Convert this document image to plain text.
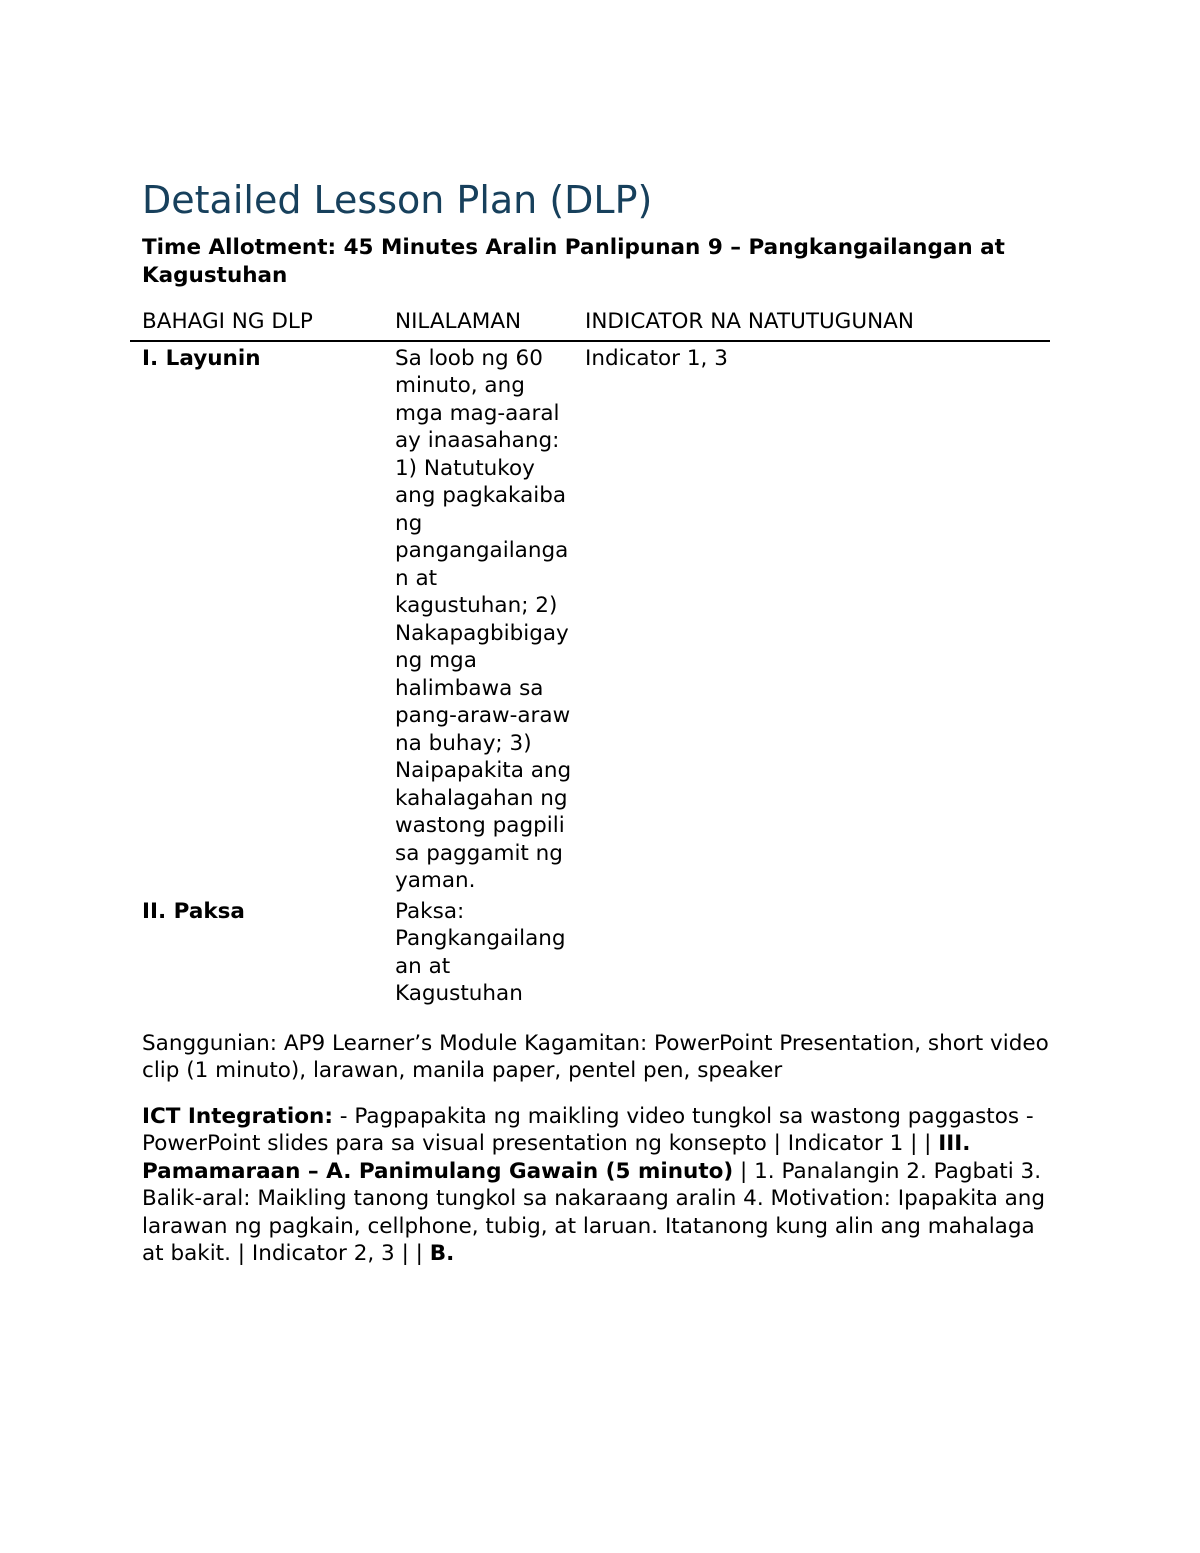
Detailed Lesson Plan (DLP)

Time Allotment: 45 Minutes Aralin Panlipunan 9 – Pangkangailangan at Kagustuhan

BAHAGI NG DLP	NILALAMAN	INDICATOR NA NATUTUGUNAN
I. Layunin	Sa loob ng 60 minuto, ang mga mag-aaral ay inaasahang: 1) Natutukoy ang pagkakaiba ng pangangailangan at kagustuhan; 2) Nakapagbibigay ng mga halimbawa sa pang-araw-araw na buhay; 3) Naipapakita ang kahalagahan ng wastong pagpili sa paggamit ng yaman.	Indicator 1, 3
II. Paksa	Paksa: Pangkangailangan at Kagustuhan	

Sanggunian: AP9 Learner’s Module Kagamitan: PowerPoint Presentation, short video clip (1 minuto), larawan, manila paper, pentel pen, speaker

ICT Integration: - Pagpapakita ng maikling video tungkol sa wastong paggastos - PowerPoint slides para sa visual presentation ng konsepto | Indicator 1 | | III. Pamamaraan – A. Panimulang Gawain (5 minuto) | 1. Panalangin 2. Pagbati 3. Balik-aral: Maikling tanong tungkol sa nakaraang aralin 4. Motivation: Ipapakita ang larawan ng pagkain, cellphone, tubig, at laruan. Itatanong kung alin ang mahalaga at bakit. | Indicator 2, 3 | | B.
